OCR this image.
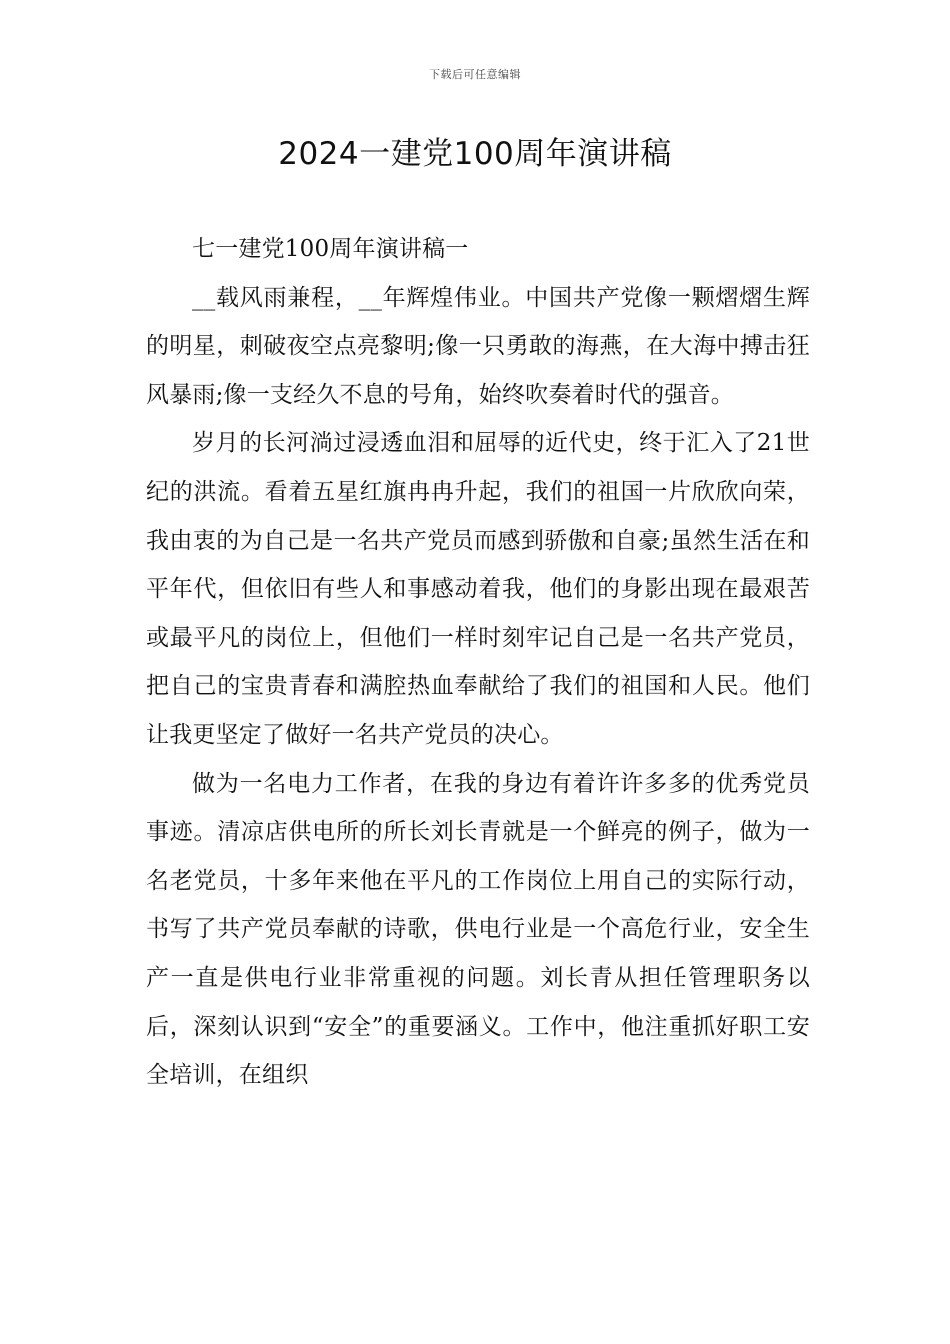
下载后可任意编辑
2024一建党100周年演讲稿

七一建党100周年演讲稿一

__载风雨兼程，__年辉煌伟业。中国共产党像一颗熠熠生辉的明星，刺破夜空点亮黎明;像一只勇敢的海燕，在大海中搏击狂风暴雨;像一支经久不息的号角，始终吹奏着时代的强音。

岁月的长河淌过浸透血泪和屈辱的近代史，终于汇入了21世纪的洪流。看着五星红旗冉冉升起，我们的祖国一片欣欣向荣，我由衷的为自己是一名共产党员而感到骄傲和自豪;虽然生活在和平年代，但依旧有些人和事感动着我，他们的身影出现在最艰苦或最平凡的岗位上，但他们一样时刻牢记自己是一名共产党员，把自己的宝贵青春和满腔热血奉献给了我们的祖国和人民。他们让我更坚定了做好一名共产党员的决心。

做为一名电力工作者，在我的身边有着许许多多的优秀党员事迹。清凉店供电所的所长刘长青就是一个鲜亮的例子，做为一名老党员，十多年来他在平凡的工作岗位上用自己的实际行动，书写了共产党员奉献的诗歌，供电行业是一个高危行业，安全生产一直是供电行业非常重视的问题。刘长青从担任管理职务以后，深刻认识到“安全”的重要涵义。工作中，他注重抓好职工安全培训，在组织
